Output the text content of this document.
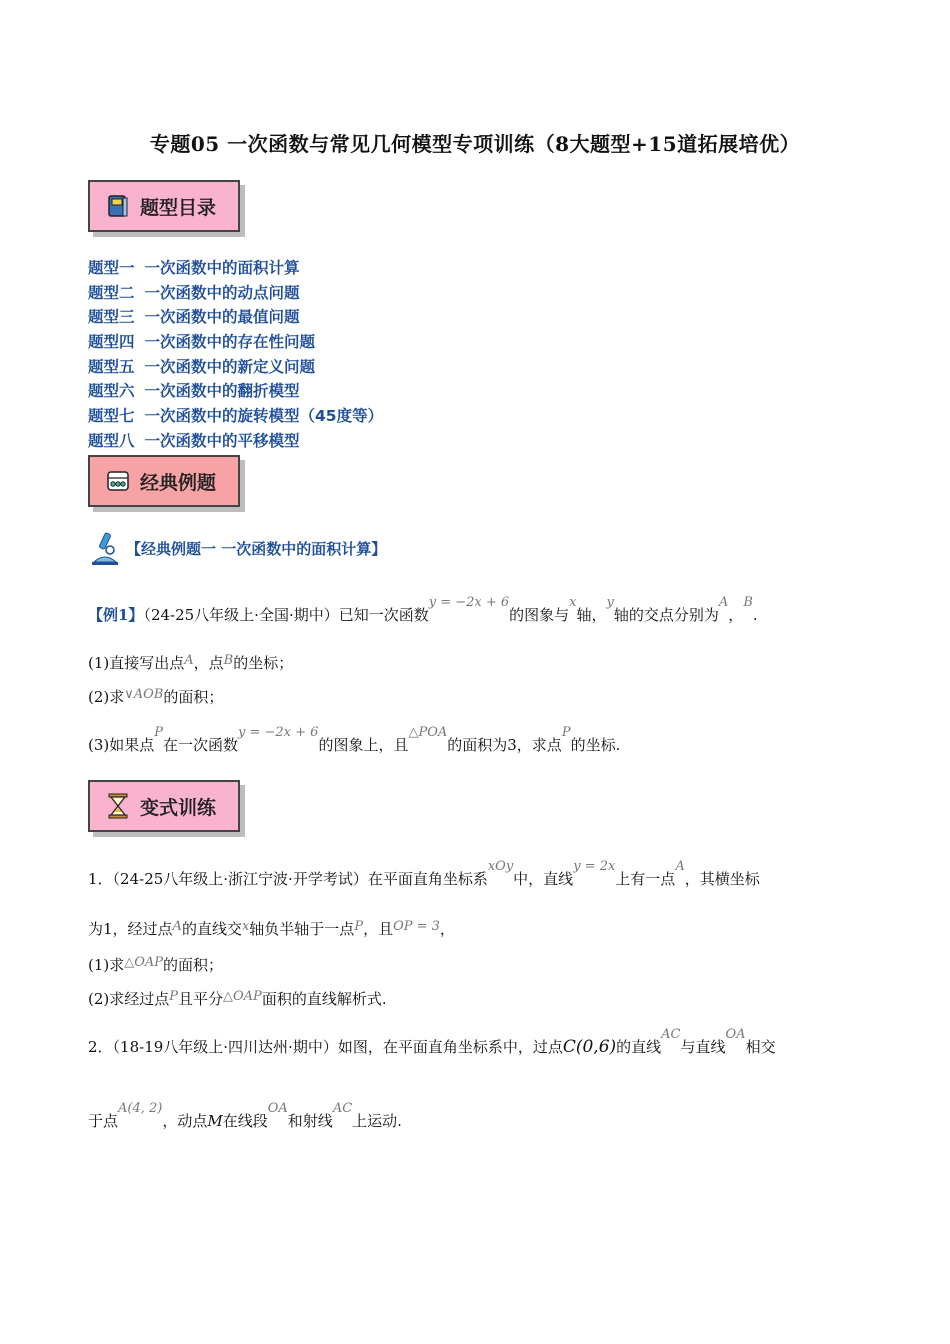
专题05 一次函数与常见几何模型专项训练（8大题型+15道拓展培优）
题型目录
题型一 一次函数中的面积计算
题型二 一次函数中的动点问题
题型三 一次函数中的最值问题
题型四 一次函数中的存在性问题
题型五 一次函数中的新定义问题
题型六 一次函数中的翻折模型
题型七 一次函数中的旋转模型（45度等）
题型八 一次函数中的平移模型
经典例题
【经典例题一 一次函数中的面积计算】
【例1】（24-25八年级上·全国·期中）已知一次函数y = −2x + 6的图象与x轴，y轴的交点分别为A，B.
(1)直接写出点A，点B的坐标；
(2)求∨AOB的面积；
(3)如果点P在一次函数y = −2x + 6的图象上，且△POA的面积为3，求点P的坐标.
变式训练
1．（24-25八年级上·浙江宁波·开学考试）在平面直角坐标系xOy中，直线y = 2x上有一点A，其横坐标
为1，经过点A的直线交x轴负半轴于一点P，且OP = 3，
(1)求△OAP的面积；
(2)求经过点P且平分△OAP面积的直线解析式.
2．（18-19八年级上·四川达州·期中）如图，在平面直角坐标系中，过点C(0,6)的直线AC与直线OA相交
于点A(4, 2)，动点M在线段OA和射线AC上运动.
